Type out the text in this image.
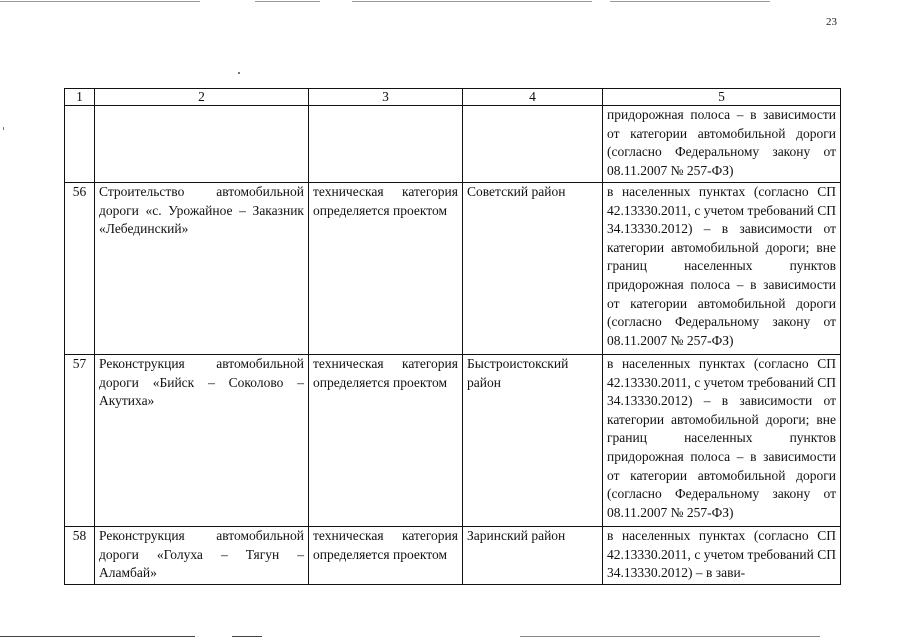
23
1	2	3	4	5
				придорожная полоса – в зависимости от категории автомобильной дороги (согласно Федеральному закону от 08.11.2007 № 257-ФЗ)
56	Строительство автомобильной дороги «с. Урожайное – Заказник «Лебединский»	техническая категория определяется проектом	Советский район	в населенных пунктах (согласно СП 42.13330.2011, с учетом требований СП 34.13330.2012) – в зависимости от категории автомобильной дороги; вне границ населенных пунктов придорожная полоса – в зависимости от категории автомобильной дороги (согласно Федеральному закону от 08.11.2007 № 257-ФЗ)
57	Реконструкция автомобильной дороги «Бийск – Соколово – Акутиха»	техническая категория определяется проектом	Быстроистокский район	в населенных пунктах (согласно СП 42.13330.2011, с учетом требований СП 34.13330.2012) – в зависимости от категории автомобильной дороги; вне границ населенных пунктов придорожная полоса – в зависимости от категории автомобильной дороги (согласно Федеральному закону от 08.11.2007 № 257-ФЗ)
58	Реконструкция автомобильной дороги «Голуха – Тягун – Аламбай»	техническая категория определяется проектом	Заринский район	в населенных пунктах (согласно СП 42.13330.2011, с учетом требований СП 34.13330.2012) – в зави-
